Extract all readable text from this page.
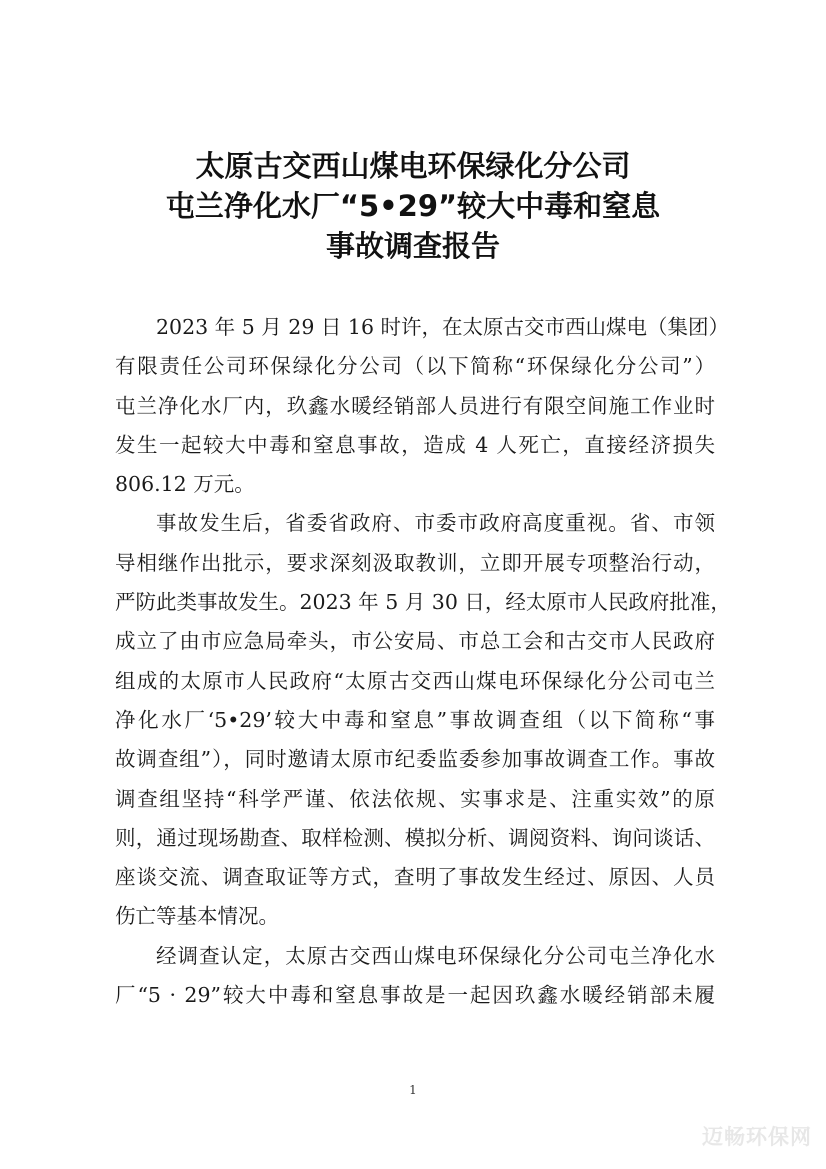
太原古交西山煤电环保绿化分公司
屯兰净化水厂“5•29”较大中毒和窒息
事故调查报告
2023 年 5 月 29 日 16 时许，在太原古交市西山煤电（集团）
有限责任公司环保绿化分公司（以下简称“环保绿化分公司”）
屯兰净化水厂内，玖鑫水暖经销部人员进行有限空间施工作业时
发生一起较大中毒和窒息事故，造成 4 人死亡，直接经济损失
806.12 万元。
事故发生后，省委省政府、市委市政府高度重视。省、市领
导相继作出批示，要求深刻汲取教训，立即开展专项整治行动，
严防此类事故发生。2023 年 5 月 30 日，经太原市人民政府批准，
成立了由市应急局牵头，市公安局、市总工会和古交市人民政府
组成的太原市人民政府“太原古交西山煤电环保绿化分公司屯兰
净化水厂‘5•29’较大中毒和窒息”事故调查组（以下简称“事
故调查组”），同时邀请太原市纪委监委参加事故调查工作。事故
调查组坚持“科学严谨、依法依规、实事求是、注重实效”的原
则，通过现场勘查、取样检测、模拟分析、调阅资料、询问谈话、
座谈交流、调查取证等方式，查明了事故发生经过、原因、人员
伤亡等基本情况。
经调查认定，太原古交西山煤电环保绿化分公司屯兰净化水
厂“5 · 29”较大中毒和窒息事故是一起因玖鑫水暖经销部未履
1
迈畅环保网
